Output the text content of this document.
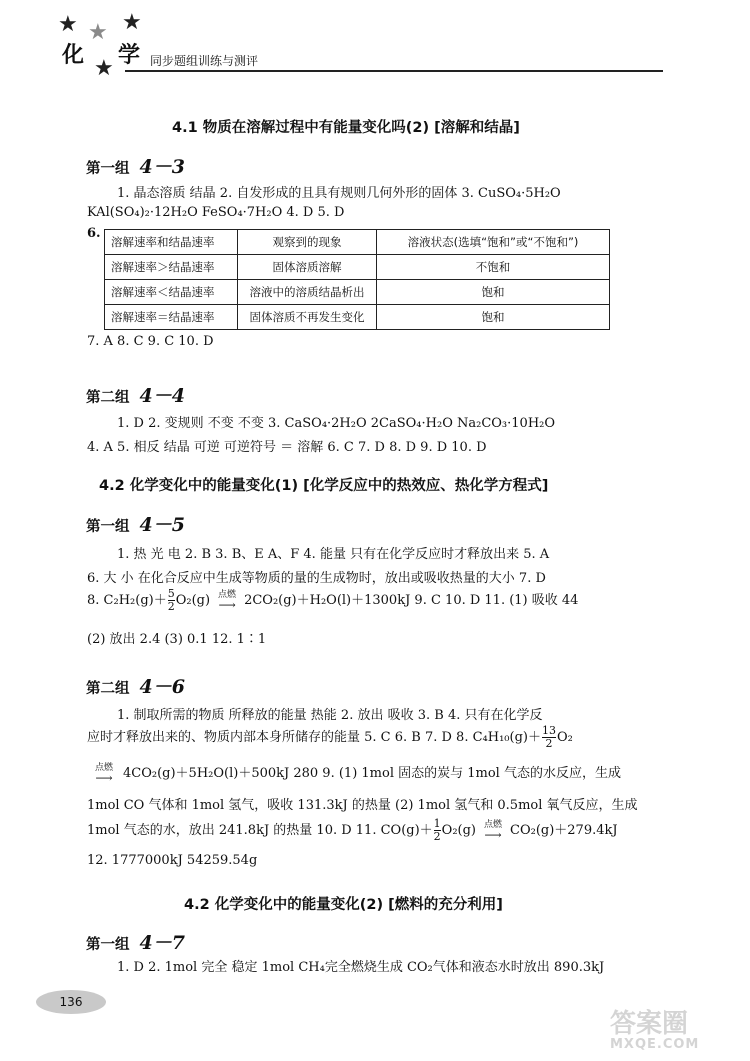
★ ★ ★
★
化 学 同步题组训练与测评
4.1 物质在溶解过程中有能量变化吗(2) [溶解和结晶]
第一组 4－3
1. 晶态溶质 结晶 2. 自发形成的且具有规则几何外形的固体 3. CuSO₄·5H₂O
KAl(SO₄)₂·12H₂O FeSO₄·7H₂O 4. D 5. D
6.
溶解速率和结晶速率	观察到的现象	溶液状态(选填“饱和”或“不饱和”)
溶解速率＞结晶速率	固体溶质溶解	不饱和
溶解速率＜结晶速率	溶液中的溶质结晶析出	饱和
溶解速率＝结晶速率	固体溶质不再发生变化	饱和
7. A 8. C 9. C 10. D
第二组 4－4
1. D 2. 变规则 不变 不变 3. CaSO₄·2H₂O 2CaSO₄·H₂O Na₂CO₃·10H₂O
4. A 5. 相反 结晶 可逆 可逆符号 ＝ 溶解 6. C 7. D 8. D 9. D 10. D
4.2 化学变化中的能量变化(1) [化学反应中的热效应、热化学方程式]
第一组 4－5
1. 热 光 电 2. B 3. B、E A、F 4. 能量 只有在化学反应时才释放出来 5. A
6. 大 小 在化合反应中生成等物质的量的生成物时，放出或吸收热量的大小 7. D
8. $C_2H_2(g)+ \frac{5}{2} O_2(g)$ 点燃
⟶ 2CO₂(g)＋H₂O(l)＋1300kJ 9. C 10. D 11. (1) 吸收 44
(2) 放出 2.4 (3) 0.1 12. 1∶1
第二组 4－6
1. 制取所需的物质 所释放的能量 热能 2. 放出 吸收 3. B 4. 只有在化学反
应时才释放出来的、物质内部本身所储存的能量 5. C 6. B 7. D 8. $C_4H_{10}(g)+ \frac{13}{2} O_2$
点燃
⟶ 4CO₂(g)＋5H₂O(l)＋500kJ 280 9. (1) 1mol 固态的炭与 1mol 气态的水反应，生成
1mol CO 气体和 1mol 氢气，吸收 131.3kJ 的热量 (2) 1mol 氢气和 0.5mol 氧气反应，生成
1mol 气态的水，放出 241.8kJ 的热量 10. D 11. $CO(g)+ \frac{1}{2} O_2(g)$ 点燃
⟶ CO₂(g)＋279.4kJ
12. 1777000kJ 54259.54g
4.2 化学变化中的能量变化(2) [燃料的充分利用]
第一组 4－7
1. D 2. 1mol 完全 稳定 1mol CH₄完全燃烧生成 CO₂气体和液态水时放出 890.3kJ
136
答案圈
MXQE.COM
